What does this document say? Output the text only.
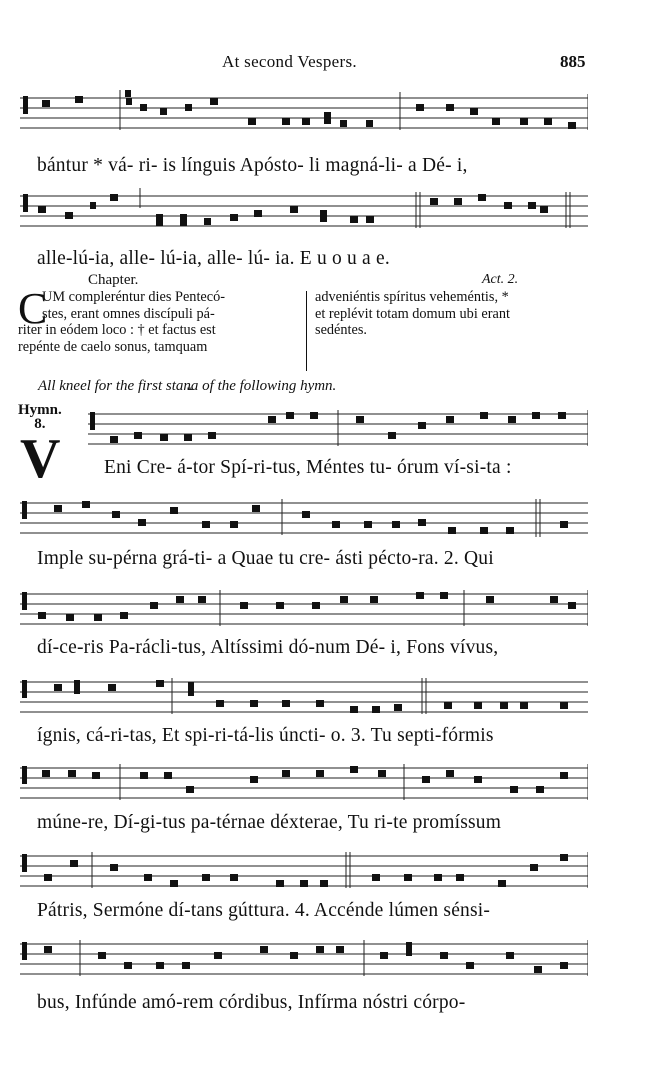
At second Vespers.	885
bántur * vá- ri- is línguis Apósto- li magná-li- a Dé- i,
alle-lú-ia, alle- lú-ia, alle- lú- ia. E u o u a e.
Chapter.	Act. 2.
C
UM compleréntur dies Pentecó-
stes, erant omnes discípuli pá-
riter in eódem loco : † et factus est
repénte de caelo sonus, tamquam
adveniéntis spíritus veheméntis, *
et replévit totam domum ubi erant
sedéntes.
All kneel for the first stan꜡a of the following hymn.
Hymn.
8.
V Eni Cre- á-tor Spí-ri-tus, Méntes tu- órum ví-si-ta :
Imple su-pérna grá-ti- a Quae tu cre- ásti péctο-ra. 2. Qui
dí-ce-ris Pa-rácli-tus, Altíssimi dó-num Dé- i, Fons vívus,
ígnis, cá-ri-tas, Et spi-ri-tá-lis úncti- o. 3. Tu septi-fórmis
múne-re, Dí-gi-tus pa-térnae déxterae, Tu ri-te promíssum
Pátris, Sermóne dí-tans gúttura. 4. Accénde lúmen sénsi-
bus, Infúnde amó-rem córdibus, Infírma nóstri córpo-
